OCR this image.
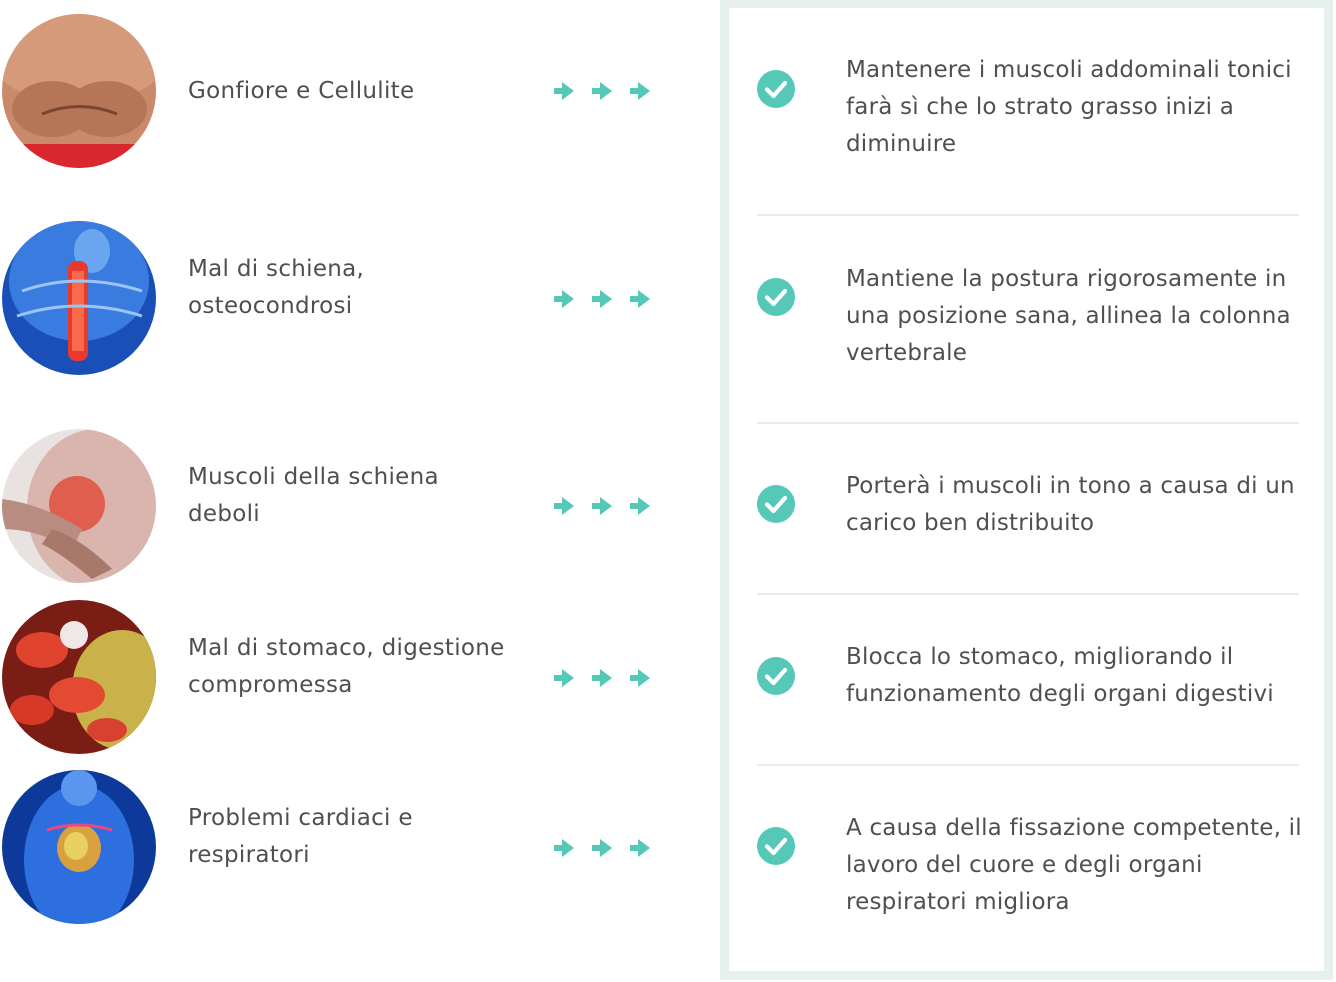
Gonfiore e Cellulite
Mal di schiena, osteocondrosi
Muscoli della schiena deboli
Mal di stomaco, digestione compromessa
Problemi cardiaci e respiratori
Mantenere i muscoli addominali tonici farà sì che lo strato grasso inizi a diminuire
Mantiene la postura rigorosamente in una posizione sana, allinea la colonna vertebrale
Porterà i muscoli in tono a causa di un carico ben distribuito
Blocca lo stomaco, migliorando il funzionamento degli organi digestivi
A causa della fissazione competente, il lavoro del cuore e degli organi respiratori migliora
